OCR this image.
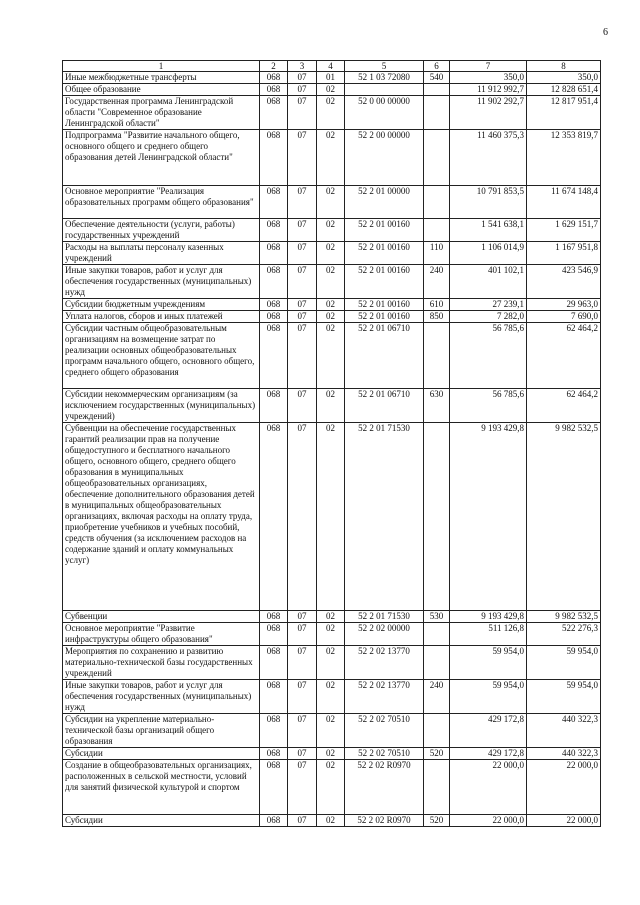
6
1	2	3	4	5	6	7	8
Иные межбюджетные трансферты	068	07	01	52 1 03 72080	540	350,0	350,0
Общее образование	068	07	02			11 912 992,7	12 828 651,4
Государственная программа Ленинградской области "Современное образование Ленинградской области"	068	07	02	52 0 00 00000		11 902 292,7	12 817 951,4
Подпрограмма "Развитие начального общего, основного общего и среднего общего образования детей Ленинградской области"	068	07	02	52 2 00 00000		11 460 375,3	12 353 819,7
Основное мероприятие "Реализация образовательных программ общего образования"	068	07	02	52 2 01 00000		10 791 853,5	11 674 148,4
Обеспечение деятельности (услуги, работы) государственных учреждений	068	07	02	52 2 01 00160		1 541 638,1	1 629 151,7
Расходы на выплаты персоналу казенных учреждений	068	07	02	52 2 01 00160	110	1 106 014,9	1 167 951,8
Иные закупки товаров, работ и услуг для обеспечения государственных (муниципальных) нужд	068	07	02	52 2 01 00160	240	401 102,1	423 546,9
Субсидии бюджетным учреждениям	068	07	02	52 2 01 00160	610	27 239,1	29 963,0
Уплата налогов, сборов и иных платежей	068	07	02	52 2 01 00160	850	7 282,0	7 690,0
Субсидии частным общеобразовательным организациям на возмещение затрат по реализации основных общеобразовательных программ начального общего, основного общего, среднего общего образования	068	07	02	52 2 01 06710		56 785,6	62 464,2
Субсидии некоммерческим организациям (за исключением государственных (муниципальных) учреждений)	068	07	02	52 2 01 06710	630	56 785,6	62 464,2
Субвенции на обеспечение государственных гарантий реализации прав на получение общедоступного и бесплатного начального общего, основного общего, среднего общего образования в муниципальных общеобразовательных организациях, обеспечение дополнительного образования детей в муниципальных общеобразовательных организациях, включая расходы на оплату труда, приобретение учебников и учебных пособий, средств обучения (за исключением расходов на содержание зданий и оплату коммунальных услуг)	068	07	02	52 2 01 71530		9 193 429,8	9 982 532,5
Субвенции	068	07	02	52 2 01 71530	530	9 193 429,8	9 982 532,5
Основное мероприятие "Развитие инфраструктуры общего образования"	068	07	02	52 2 02 00000		511 126,8	522 276,3
Мероприятия по сохранению и развитию материально-технической базы государственных учреждений	068	07	02	52 2 02 13770		59 954,0	59 954,0
Иные закупки товаров, работ и услуг для обеспечения государственных (муниципальных) нужд	068	07	02	52 2 02 13770	240	59 954,0	59 954,0
Субсидии на укрепление материально-технической базы организаций общего образования	068	07	02	52 2 02 70510		429 172,8	440 322,3
Субсидии	068	07	02	52 2 02 70510	520	429 172,8	440 322,3
Создание в общеобразовательных организациях, расположенных в сельской местности, условий для занятий физической культурой и спортом	068	07	02	52 2 02 R0970		22 000,0	22 000,0
Субсидии	068	07	02	52 2 02 R0970	520	22 000,0	22 000,0
